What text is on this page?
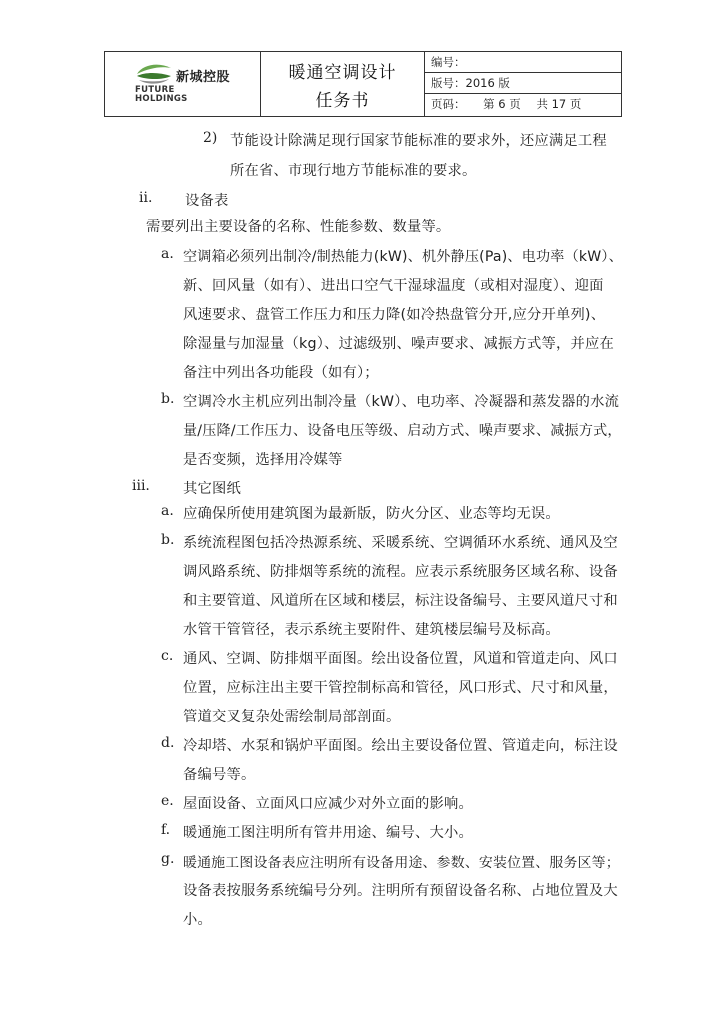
新城控股
FUTURE
HOLDINGS
暖通空调设计
任务书
编号：
版号：2016 版
页码： 第 6 页 共 17 页
2) 节能设计除满足现行国家节能标准的要求外，还应满足工程
所在省、市现行地方节能标准的要求。
ii. 设备表
需要列出主要设备的名称、性能参数、数量等。
a. 空调箱必须列出制冷/制热能力(kW)、机外静压(Pa)、电功率（kW）、
新、回风量（如有）、进出口空气干湿球温度（或相对湿度）、迎面
风速要求、盘管工作压力和压力降(如冷热盘管分开,应分开单列)、
除湿量与加湿量（kg）、过滤级别、噪声要求、减振方式等，并应在
备注中列出各功能段（如有）；
b. 空调冷水主机应列出制冷量（kW）、电功率、冷凝器和蒸发器的水流
量/压降/工作压力、设备电压等级、启动方式、噪声要求、减振方式，
是否变频，选择用冷媒等
iii. 其它图纸
a. 应确保所使用建筑图为最新版，防火分区、业态等均无误。
b. 系统流程图包括冷热源系统、采暖系统、空调循环水系统、通风及空
调风路系统、防排烟等系统的流程。应表示系统服务区域名称、设备
和主要管道、风道所在区域和楼层，标注设备编号、主要风道尺寸和
水管干管管径，表示系统主要附件、建筑楼层编号及标高。
c. 通风、空调、防排烟平面图。绘出设备位置，风道和管道走向、风口
位置，应标注出主要干管控制标高和管径，风口形式、尺寸和风量，
管道交叉复杂处需绘制局部剖面。
d. 冷却塔、水泵和锅炉平面图。绘出主要设备位置、管道走向，标注设
备编号等。
e. 屋面设备、立面风口应减少对外立面的影响。
f. 暖通施工图注明所有管井用途、编号、大小。
g. 暖通施工图设备表应注明所有设备用途、参数、安装位置、服务区等；
设备表按服务系统编号分列。注明所有预留设备名称、占地位置及大
小。
